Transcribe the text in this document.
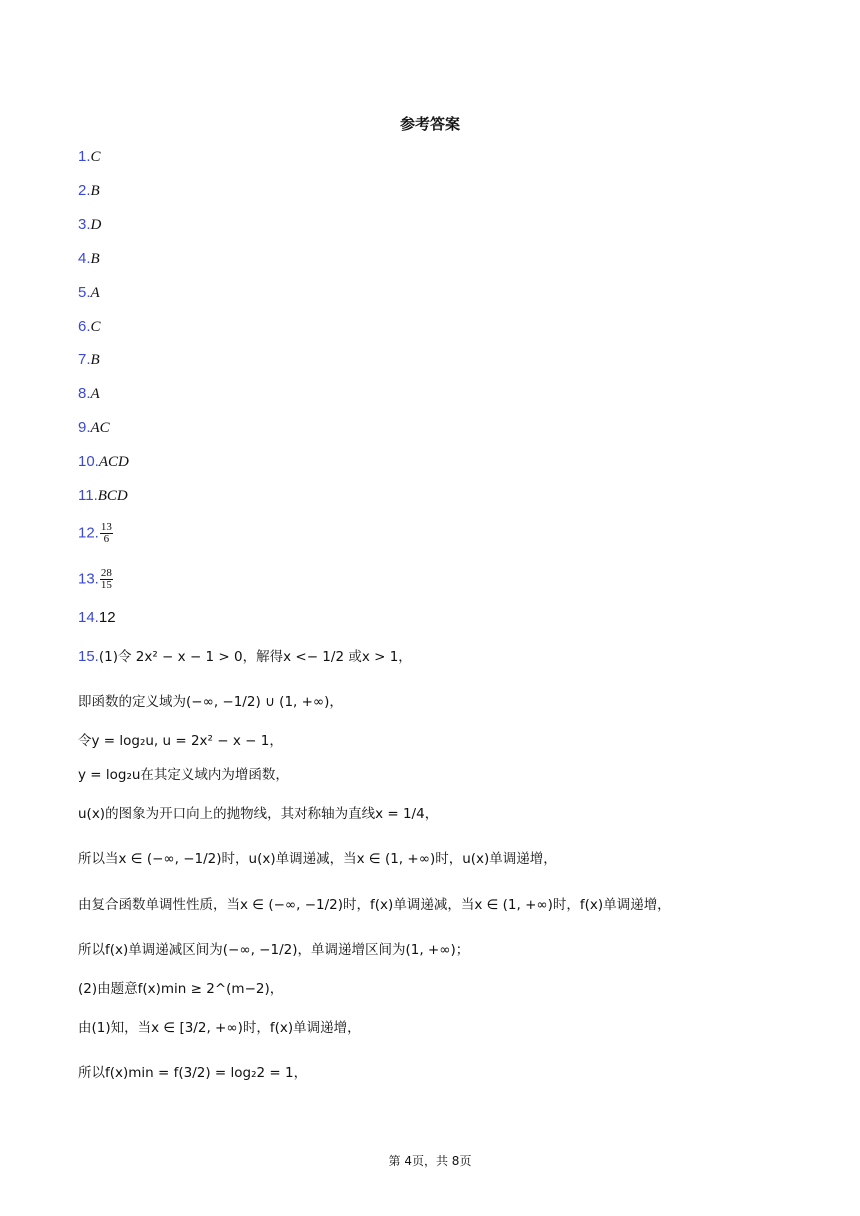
参考答案
1.C
2.B
3.D
4.B
5.A
6.C
7.B
8.A
9.AC
10.ACD
11.BCD
12. $\frac{13}{6}$
13. $\frac{28}{15}$
14.12
15.(1)令 2x² − x − 1 > 0，解得x <− 1/2 或x > 1，
即函数的定义域为(−∞, −1/2) ∪ (1, +∞)，
令y = log₂u, u = 2x² − x − 1，
y = log₂u在其定义域内为增函数，
u(x)的图象为开口向上的抛物线，其对称轴为直线x = 1/4，
所以当x ∈ (−∞, −1/2)时，u(x)单调递减，当x ∈ (1, +∞)时，u(x)单调递增，
由复合函数单调性性质，当x ∈ (−∞, −1/2)时，f(x)单调递减，当x ∈ (1, +∞)时，f(x)单调递增，
所以f(x)单调递减区间为(−∞, −1/2)，单调递增区间为(1, +∞)；
(2)由题意f(x)min ≥ 2^(m−2)，
由(1)知，当x ∈ [3/2, +∞)时，f(x)单调递增，
所以f(x)min = f(3/2) = log₂2 = 1，
第 4页，共 8页
